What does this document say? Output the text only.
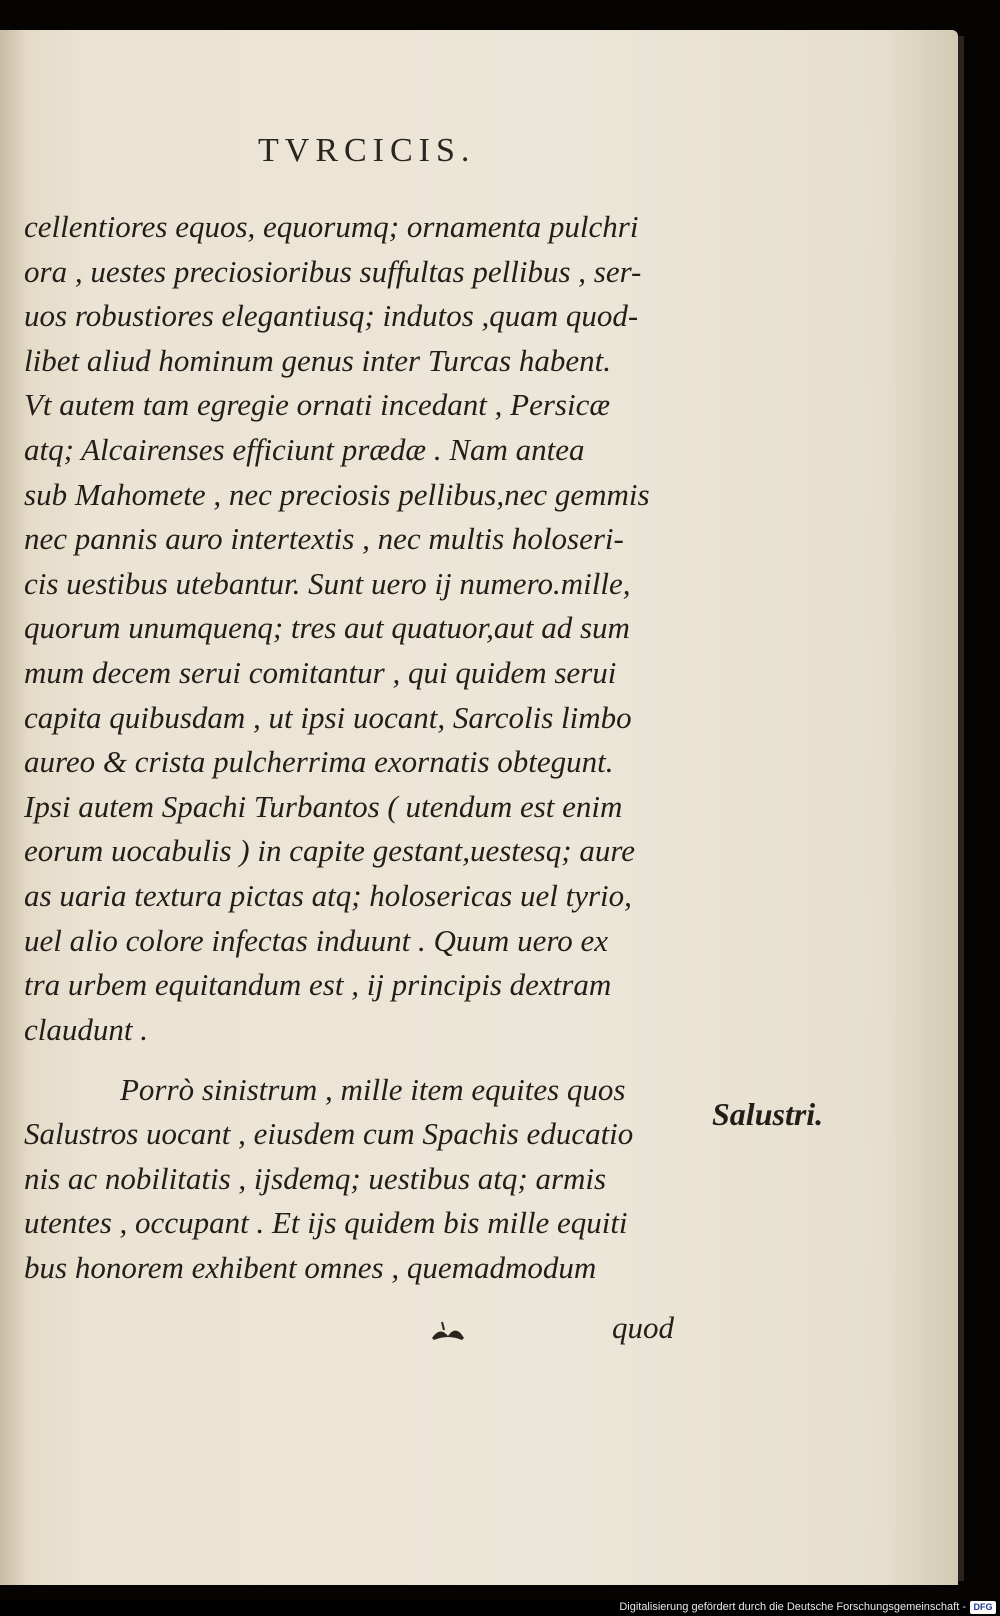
TVRCICIS.
cellentiores equos, equorumq; ornamenta pulchri
ora , uestes preciosioribus suffultas pellibus , ser-
uos robustiores elegantiusq; indutos ,quam quod-
libet aliud hominum genus inter Turcas habent.
Vt autem tam egregie ornati incedant , Persicæ
atq; Alcairenses efficiunt prædæ . Nam antea
sub Mahomete , nec preciosis pellibus,nec gemmis
nec pannis auro intertextis , nec multis holoseri-
cis uestibus utebantur. Sunt uero ij numero.mille,
quorum unumquenq; tres aut quatuor,aut ad sum
mum decem serui comitantur , qui quidem serui
capita quibusdam , ut ipsi uocant, Sarcolis limbo
aureo & crista pulcherrima exornatis obtegunt.
Ipsi autem Spachi Turbantos ( utendum est enim
eorum uocabulis ) in capite gestant,uestesq; aure
as uaria textura pictas atq; holosericas uel tyrio,
uel alio colore infectas induunt . Quum uero ex
tra urbem equitandum est , ij principis dextram
claudunt .
Porrò sinistrum , mille item equites quos
Salustros uocant , eiusdem cum Spachis educatio
nis ac nobilitatis , ijsdemq; uestibus atq; armis
utentes , occupant . Et ijs quidem bis mille equiti
bus honorem exhibent omnes , quemadmodum
Salustri.
quod
Digitalisierung gefördert durch die Deutsche Forschungsgemeinschaft - DFG
